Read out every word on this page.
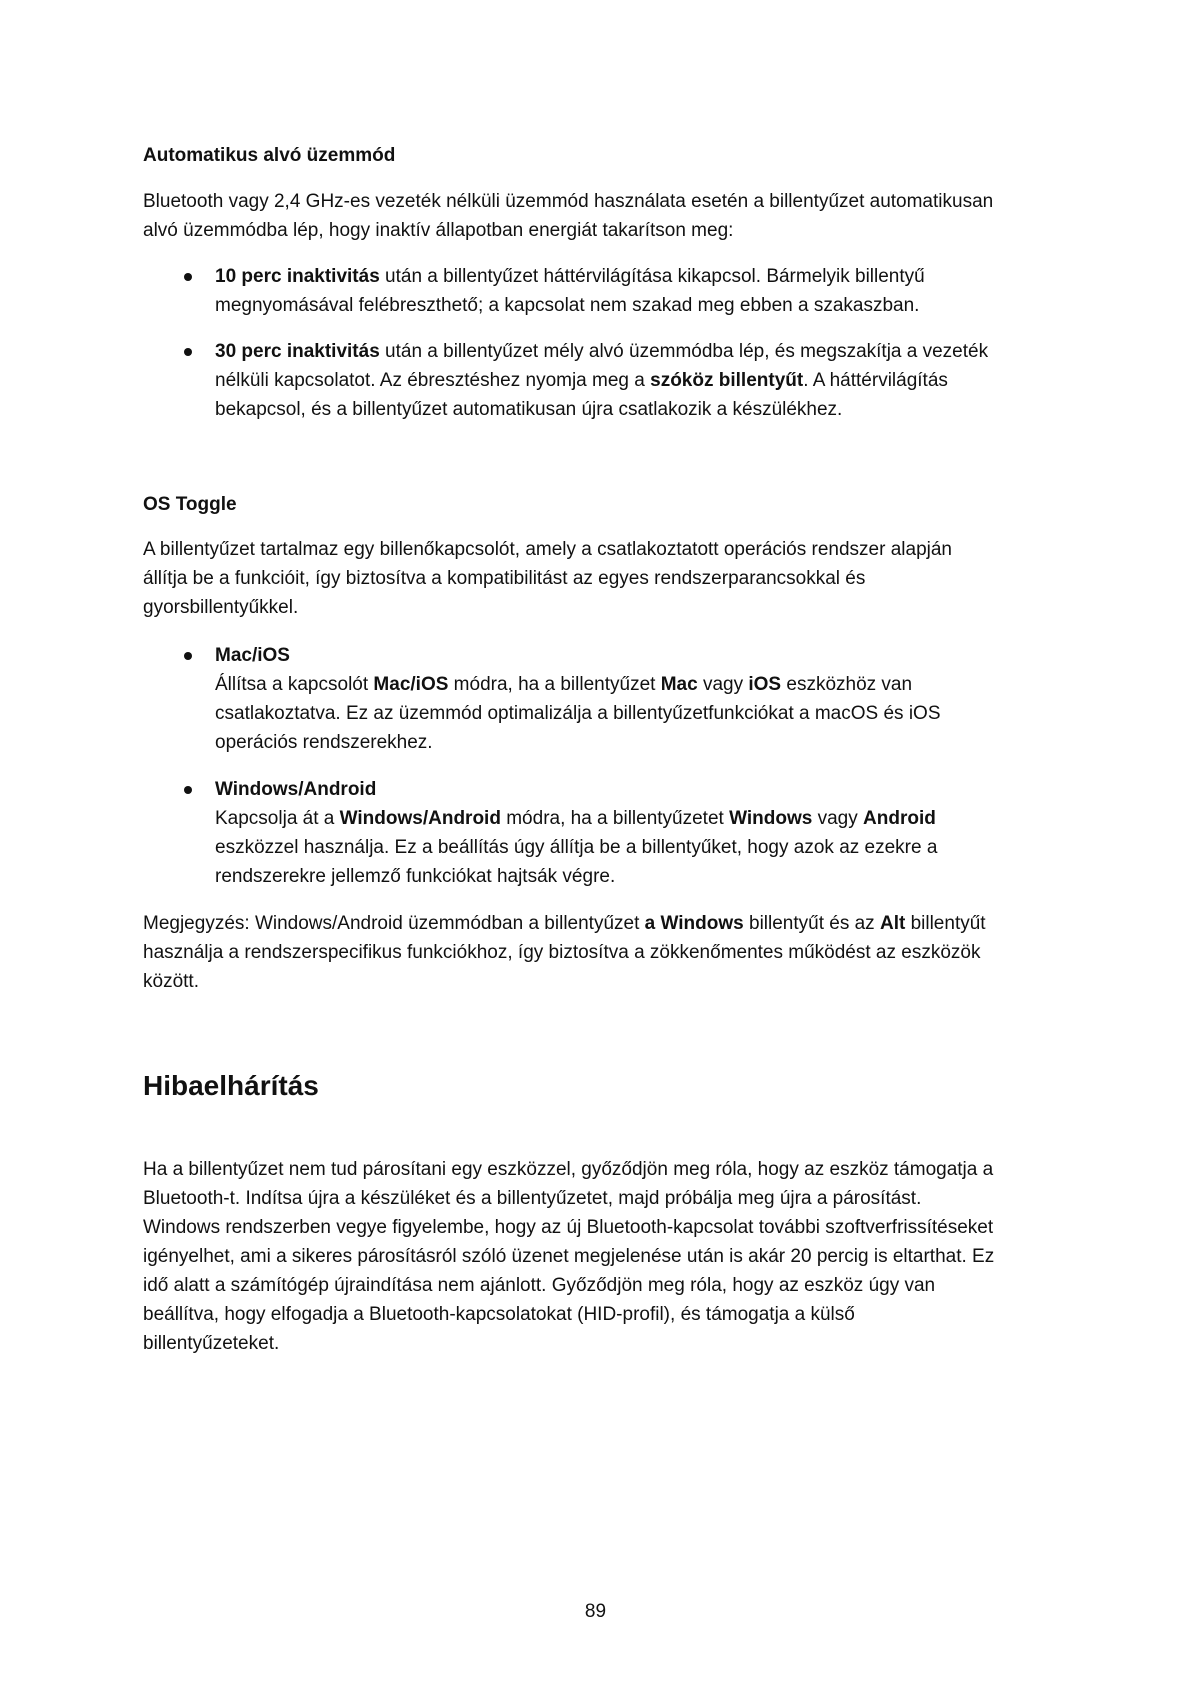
Automatikus alvó üzemmód

Bluetooth vagy 2,4 GHz-es vezeték nélküli üzemmód használata esetén a billentyűzet automatikusan
alvó üzemmódba lép, hogy inaktív állapotban energiát takarítson meg:

10 perc inaktivitás után a billentyűzet háttérvilágítása kikapcsol. Bármelyik billentyű
megnyomásával felébreszthető; a kapcsolat nem szakad meg ebben a szakaszban.
30 perc inaktivitás után a billentyűzet mély alvó üzemmódba lép, és megszakítja a vezeték
nélküli kapcsolatot. Az ébresztéshez nyomja meg a szóköz billentyűt. A háttérvilágítás
bekapcsol, és a billentyűzet automatikusan újra csatlakozik a készülékhez.

OS Toggle

A billentyűzet tartalmaz egy billenőkapcsolót, amely a csatlakoztatott operációs rendszer alapján
állítja be a funkcióit, így biztosítva a kompatibilitást az egyes rendszerparancsokkal és
gyorsbillentyűkkel.

Mac/iOS
Állítsa a kapcsolót Mac/iOS módra, ha a billentyűzet Mac vagy iOS eszközhöz van
csatlakoztatva. Ez az üzemmód optimalizálja a billentyűzetfunkciókat a macOS és iOS
operációs rendszerekhez.
Windows/Android
Kapcsolja át a Windows/Android módra, ha a billentyűzetet Windows vagy Android
eszközzel használja. Ez a beállítás úgy állítja be a billentyűket, hogy azok az ezekre a
rendszerekre jellemző funkciókat hajtsák végre.

Megjegyzés: Windows/Android üzemmódban a billentyűzet a Windows billentyűt és az Alt billentyűt
használja a rendszerspecifikus funkciókhoz, így biztosítva a zökkenőmentes működést az eszközök
között.

Hibaelhárítás

Ha a billentyűzet nem tud párosítani egy eszközzel, győződjön meg róla, hogy az eszköz támogatja a
Bluetooth-t. Indítsa újra a készüléket és a billentyűzetet, majd próbálja meg újra a párosítást.
Windows rendszerben vegye figyelembe, hogy az új Bluetooth-kapcsolat további szoftverfrissítéseket
igényelhet, ami a sikeres párosításról szóló üzenet megjelenése után is akár 20 percig is eltarthat. Ez
idő alatt a számítógép újraindítása nem ajánlott. Győződjön meg róla, hogy az eszköz úgy van
beállítva, hogy elfogadja a Bluetooth-kapcsolatokat (HID-profil), és támogatja a külső
billentyűzeteket.

89
